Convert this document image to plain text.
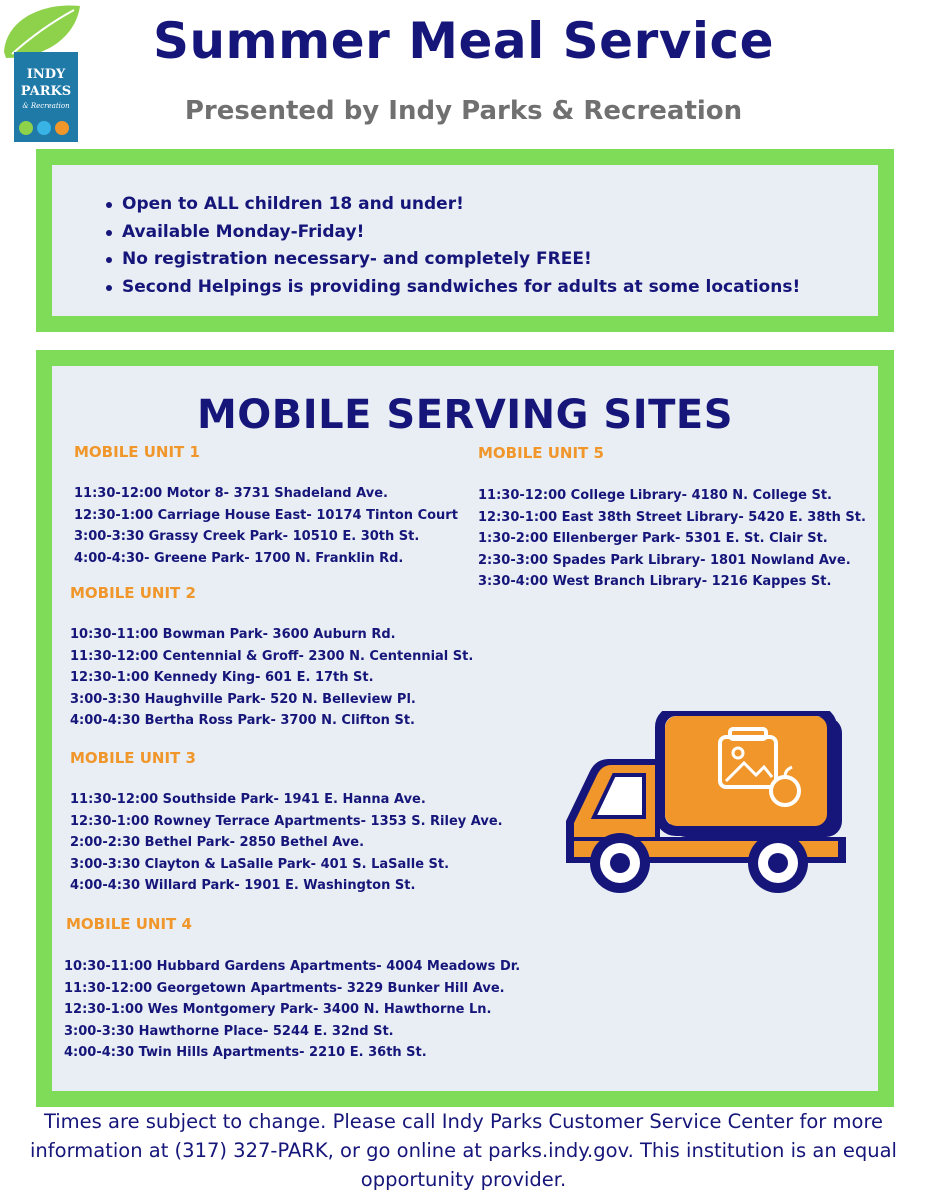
INDY
PARKS
& Recreation
Summer Meal Service
Presented by Indy Parks & Recreation
Open to ALL children 18 and under!
Available Monday-Friday!
No registration necessary- and completely FREE!
Second Helpings is providing sandwiches for adults at some locations!
MOBILE SERVING SITES
MOBILE UNIT 1
11:30-12:00 Motor 8- 3731 Shadeland Ave.
12:30-1:00 Carriage House East- 10174 Tinton Court
3:00-3:30 Grassy Creek Park- 10510 E. 30th St.
4:00-4:30- Greene Park- 1700 N. Franklin Rd.
MOBILE UNIT 2
10:30-11:00 Bowman Park- 3600 Auburn Rd.
11:30-12:00 Centennial & Groff- 2300 N. Centennial St.
12:30-1:00 Kennedy King- 601 E. 17th St.
3:00-3:30 Haughville Park- 520 N. Belleview Pl.
4:00-4:30 Bertha Ross Park- 3700 N. Clifton St.
MOBILE UNIT 3
11:30-12:00 Southside Park- 1941 E. Hanna Ave.
12:30-1:00 Rowney Terrace Apartments- 1353 S. Riley Ave.
2:00-2:30 Bethel Park- 2850 Bethel Ave.
3:00-3:30 Clayton & LaSalle Park- 401 S. LaSalle St.
4:00-4:30 Willard Park- 1901 E. Washington St.
MOBILE UNIT 4
10:30-11:00 Hubbard Gardens Apartments- 4004 Meadows Dr.
11:30-12:00 Georgetown Apartments- 3229 Bunker Hill Ave.
12:30-1:00 Wes Montgomery Park- 3400 N. Hawthorne Ln.
3:00-3:30 Hawthorne Place- 5244 E. 32nd St.
4:00-4:30 Twin Hills Apartments- 2210 E. 36th St.
MOBILE UNIT 5
11:30-12:00 College Library- 4180 N. College St.
12:30-1:00 East 38th Street Library- 5420 E. 38th St.
1:30-2:00 Ellenberger Park- 5301 E. St. Clair St.
2:30-3:00 Spades Park Library- 1801 Nowland Ave.
3:30-4:00 West Branch Library- 1216 Kappes St.

Times are subject to change. Please call Indy Parks Customer Service Center for more

information at (317) 327-PARK, or go online at parks.indy.gov. This institution is an equal

opportunity provider.
